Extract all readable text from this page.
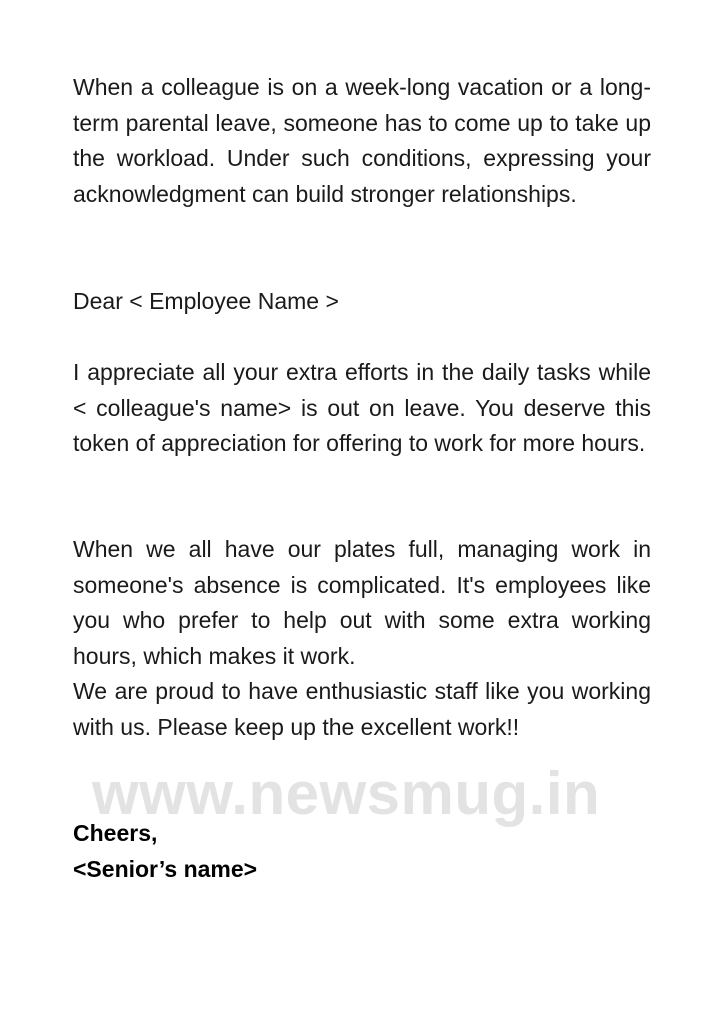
When a colleague is on a week-long vacation or a long-term parental leave, someone has to come up to take up the workload. Under such conditions, expressing your acknowledgment can build stronger relationships.

Dear < Employee Name >

I appreciate all your extra efforts in the daily tasks while < colleague's name> is out on leave. You deserve this token of appreciation for offering to work for more hours.

When we all have our plates full, managing work in someone's absence is complicated. It's employees like you who prefer to help out with some extra working hours, which makes it work.

We are proud to have enthusiastic staff like you working with us. Please keep up the excellent work!!

www.newsmug.in

Cheers,

<Senior’s name>
